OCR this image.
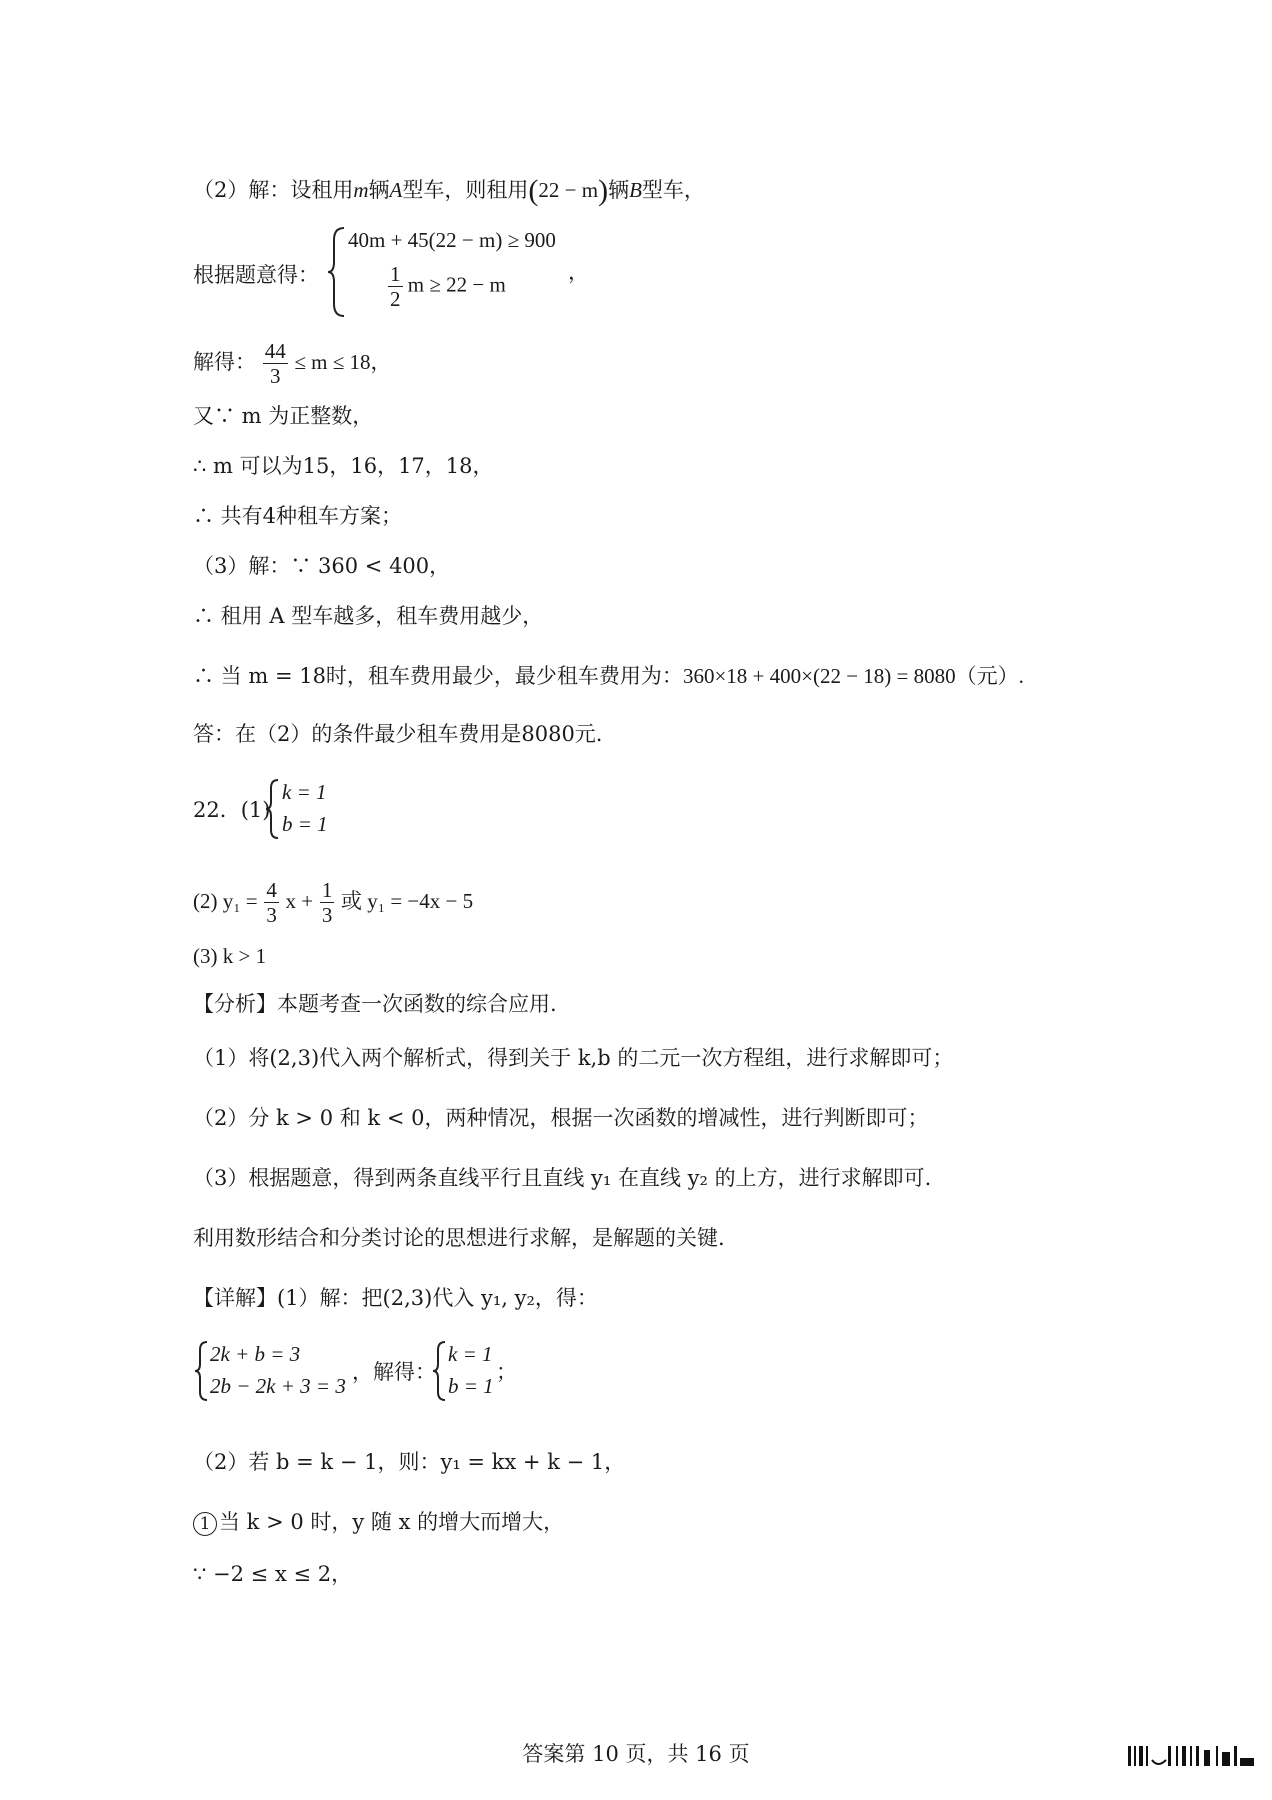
（2）解：设租用m辆A型车，则租用(22 − m)辆B型车，
根据题意得：
40m + 45(22 − m) ≥ 900
$\frac{1}{2}$ m ≥ 22 − m
，
解得： $\frac{44}{3} \le m \le 18$，
又∵ m 为正整数，
∴ m 可以为15，16，17，18，
∴ 共有4种租车方案；
（3）解：∵ 360 < 400，
∴ 租用 A 型车越多，租车费用越少，
∴ 当 m = 18时，租车费用最少，最少租车费用为：360×18 + 400×(22 − 18) = 8080（元）.
答：在（2）的条件最少租车费用是8080元.
22．(1)
k = 1
b = 1
(2) $y_1 = \frac{4}{3}$ $x + \frac{1}{3}$ 或 y₁ = −4x − 5
(3) k > 1
【分析】本题考查一次函数的综合应用.
（1）将(2,3)代入两个解析式，得到关于 k,b 的二元一次方程组，进行求解即可；
（2）分 k > 0 和 k < 0，两种情况，根据一次函数的增减性，进行判断即可；
（3）根据题意，得到两条直线平行且直线 y₁ 在直线 y₂ 的上方，进行求解即可.
利用数形结合和分类讨论的思想进行求解，是解题的关键.
【详解】(1）解：把(2,3)代入 y₁, y₂，得：
2k + b = 3
2b − 2k + 3 = 3
，解得：
k = 1
b = 1
；
（2）若 b = k − 1，则：y₁ = kx + k − 1，
1 当 k > 0 时，y 随 x 的增大而增大，
∵ −2 ≤ x ≤ 2，
答案第 10 页，共 16 页
